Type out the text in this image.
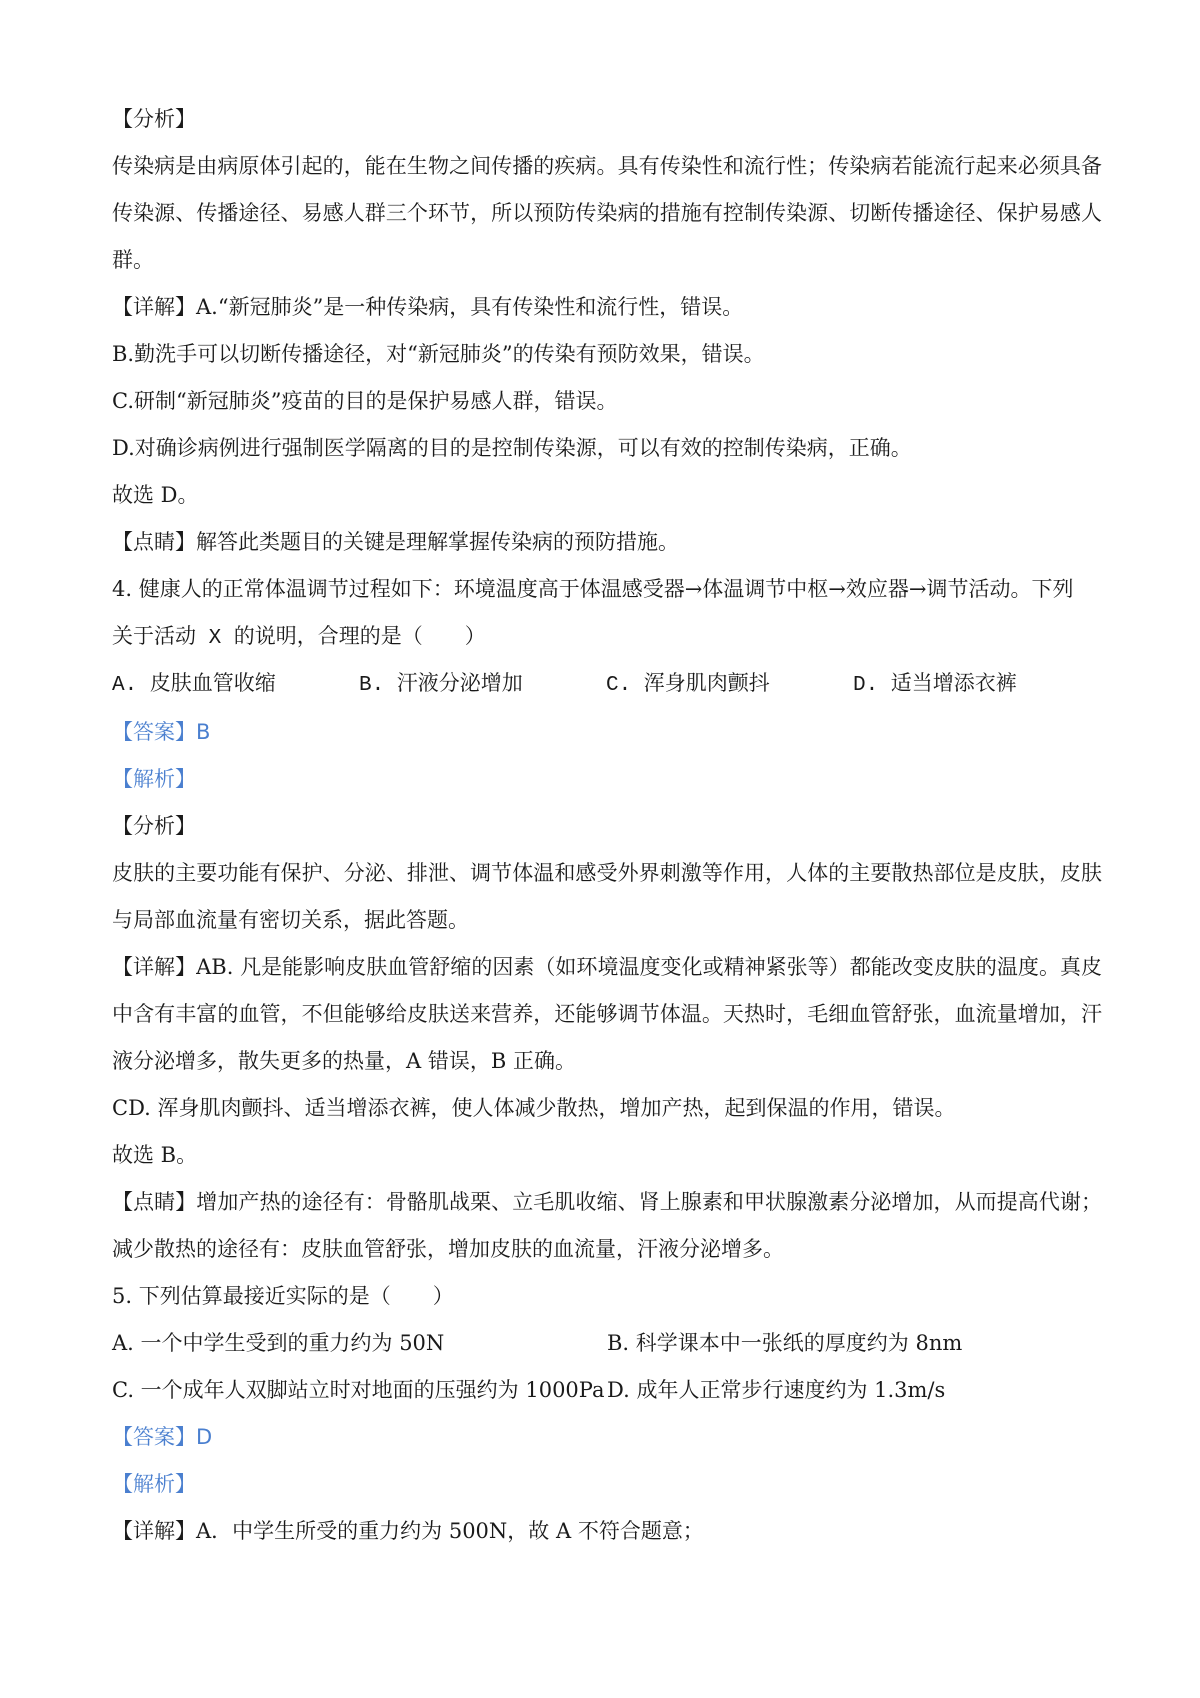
【分析】
传染病是由病原体引起的，能在生物之间传播的疾病。具有传染性和流行性；传染病若能流行起来必须具备传染源、传播途径、易感人群三个环节，所以预防传染病的措施有控制传染源、切断传播途径、保护易感人群。
【详解】A.“新冠肺炎”是一种传染病，具有传染性和流行性，错误。
B.勤洗手可以切断传播途径，对“新冠肺炎”的传染有预防效果，错误。
C.研制“新冠肺炎”疫苗的目的是保护易感人群，错误。
D.对确诊病例进行强制医学隔离的目的是控制传染源，可以有效的控制传染病，正确。
故选 D。
【点睛】解答此类题目的关键是理解掌握传染病的预防措施。
4. 健康人的正常体温调节过程如下：环境温度高于体温感受器→体温调节中枢→效应器→调节活动。下列
关于活动 X 的说明，合理的是（　　）
A. 皮肤血管收缩	B. 汗液分泌增加	C. 浑身肌肉颤抖	D. 适当增添衣裤
【答案】B
【解析】
【分析】
皮肤的主要功能有保护、分泌、排泄、调节体温和感受外界刺激等作用，人体的主要散热部位是皮肤，皮肤与局部血流量有密切关系，据此答题。
【详解】AB. 凡是能影响皮肤血管舒缩的因素（如环境温度变化或精神紧张等）都能改变皮肤的温度。真皮中含有丰富的血管，不但能够给皮肤送来营养，还能够调节体温。天热时，毛细血管舒张，血流量增加，汗液分泌增多，散失更多的热量，A 错误，B 正确。
CD. 浑身肌肉颤抖、适当增添衣裤，使人体减少散热，增加产热，起到保温的作用，错误。
故选 B。
【点睛】增加产热的途径有：骨骼肌战栗、立毛肌收缩、肾上腺素和甲状腺激素分泌增加，从而提高代谢；减少散热的途径有：皮肤血管舒张，增加皮肤的血流量，汗液分泌增多。
5. 下列估算最接近实际的是（　　）
A. 一个中学生受到的重力约为 50N	B. 科学课本中一张纸的厚度约为 8nm
C. 一个成年人双脚站立时对地面的压强约为 1000Pa D. 成年人正常步行速度约为 1.3m/s
【答案】D
【解析】
【详解】A．中学生所受的重力约为 500N，故 A 不符合题意；
